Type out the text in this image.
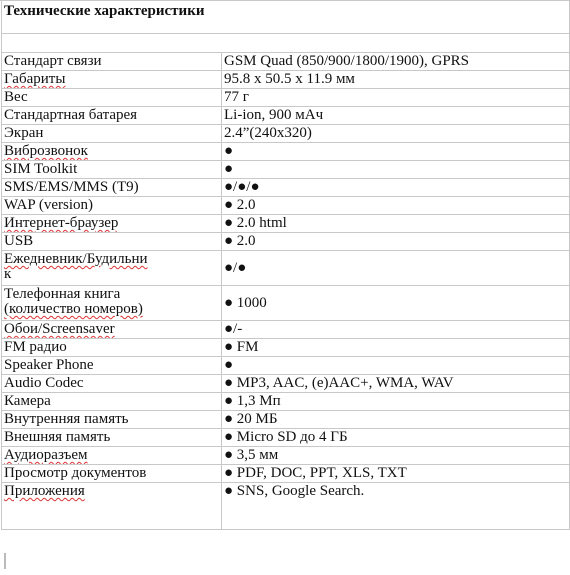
Технические характеристики	

Стандарт связи	GSM Quad (850/900/1800/1900), GPRS
Габариты	95.8 x 50.5 x 11.9 мм
Вес	77 г
Стандартная батарея	Li-ion, 900 мАч
Экран	2.4”(240x320)
Виброзвонок	●
SIM Toolkit	●
SMS/EMS/MMS (T9)	●/●/●
WAP (version)	● 2.0
Интернет-браузер	● 2.0 html
USB	● 2.0
Ежедневник/Будильни
к	●/●
Телефонная книга
(количество номеров)	● 1000
Обои/Screensaver	●/-
FM радио	● FM
Speaker Phone	●
Audio Codec	● MP3, AAC, (e)AAC+, WMA, WAV
Камера	● 1,3 Мп
Внутренняя память	● 20 МБ
Внешняя память	● Micro SD до 4 ГБ
Аудиоразъем	● 3,5 мм
Просмотр документов	● PDF, DOC, PPT, XLS, TXT
Приложения	● SNS, Google Search.
